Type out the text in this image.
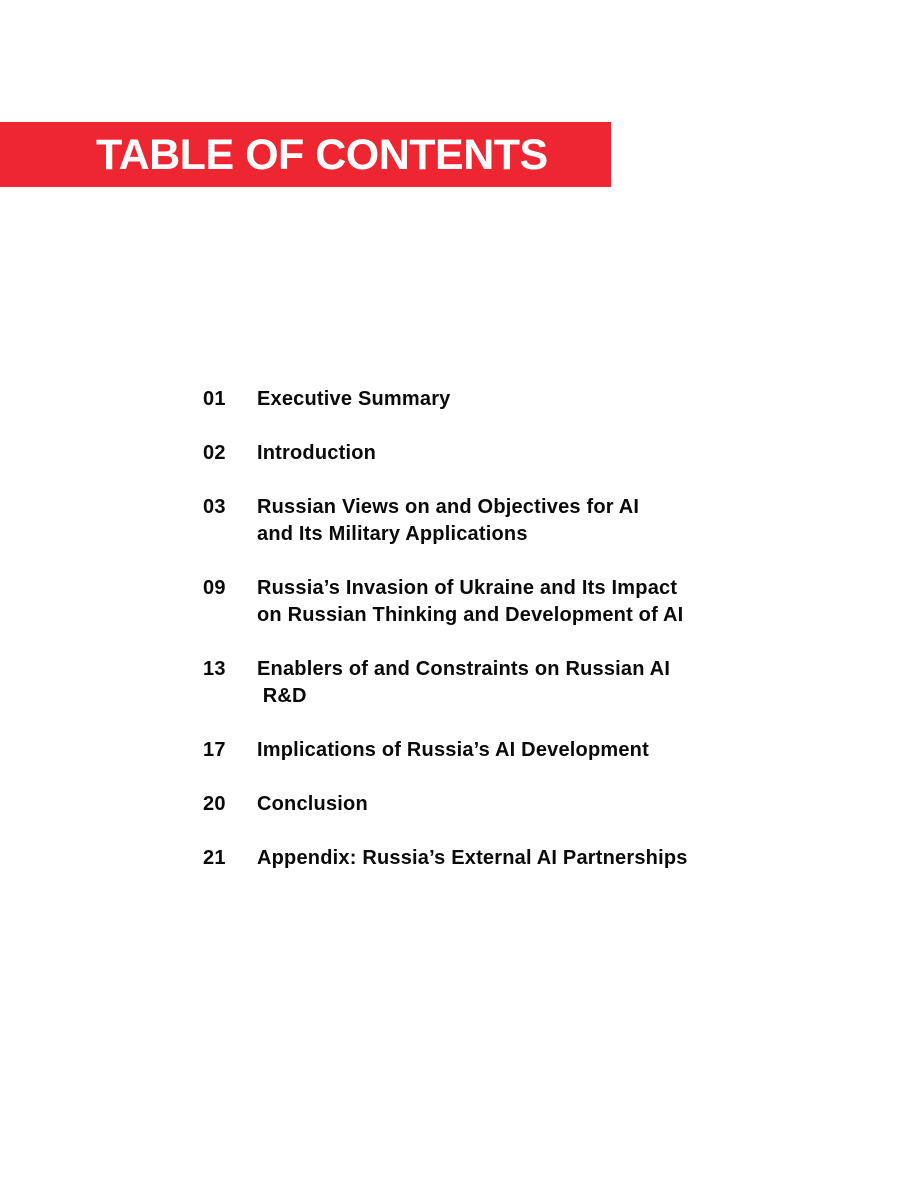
TABLE OF CONTENTS
01	Executive Summary
02	Introduction
03	Russian Views on and Objectives for AI
and Its Military Applications
09	Russia’s Invasion of Ukraine and Its Impact
on Russian Thinking and Development of AI
13	Enablers of and Constraints on Russian AI
R&D
17	Implications of Russia’s AI Development
20	Conclusion
21	Appendix: Russia’s External AI Partnerships
